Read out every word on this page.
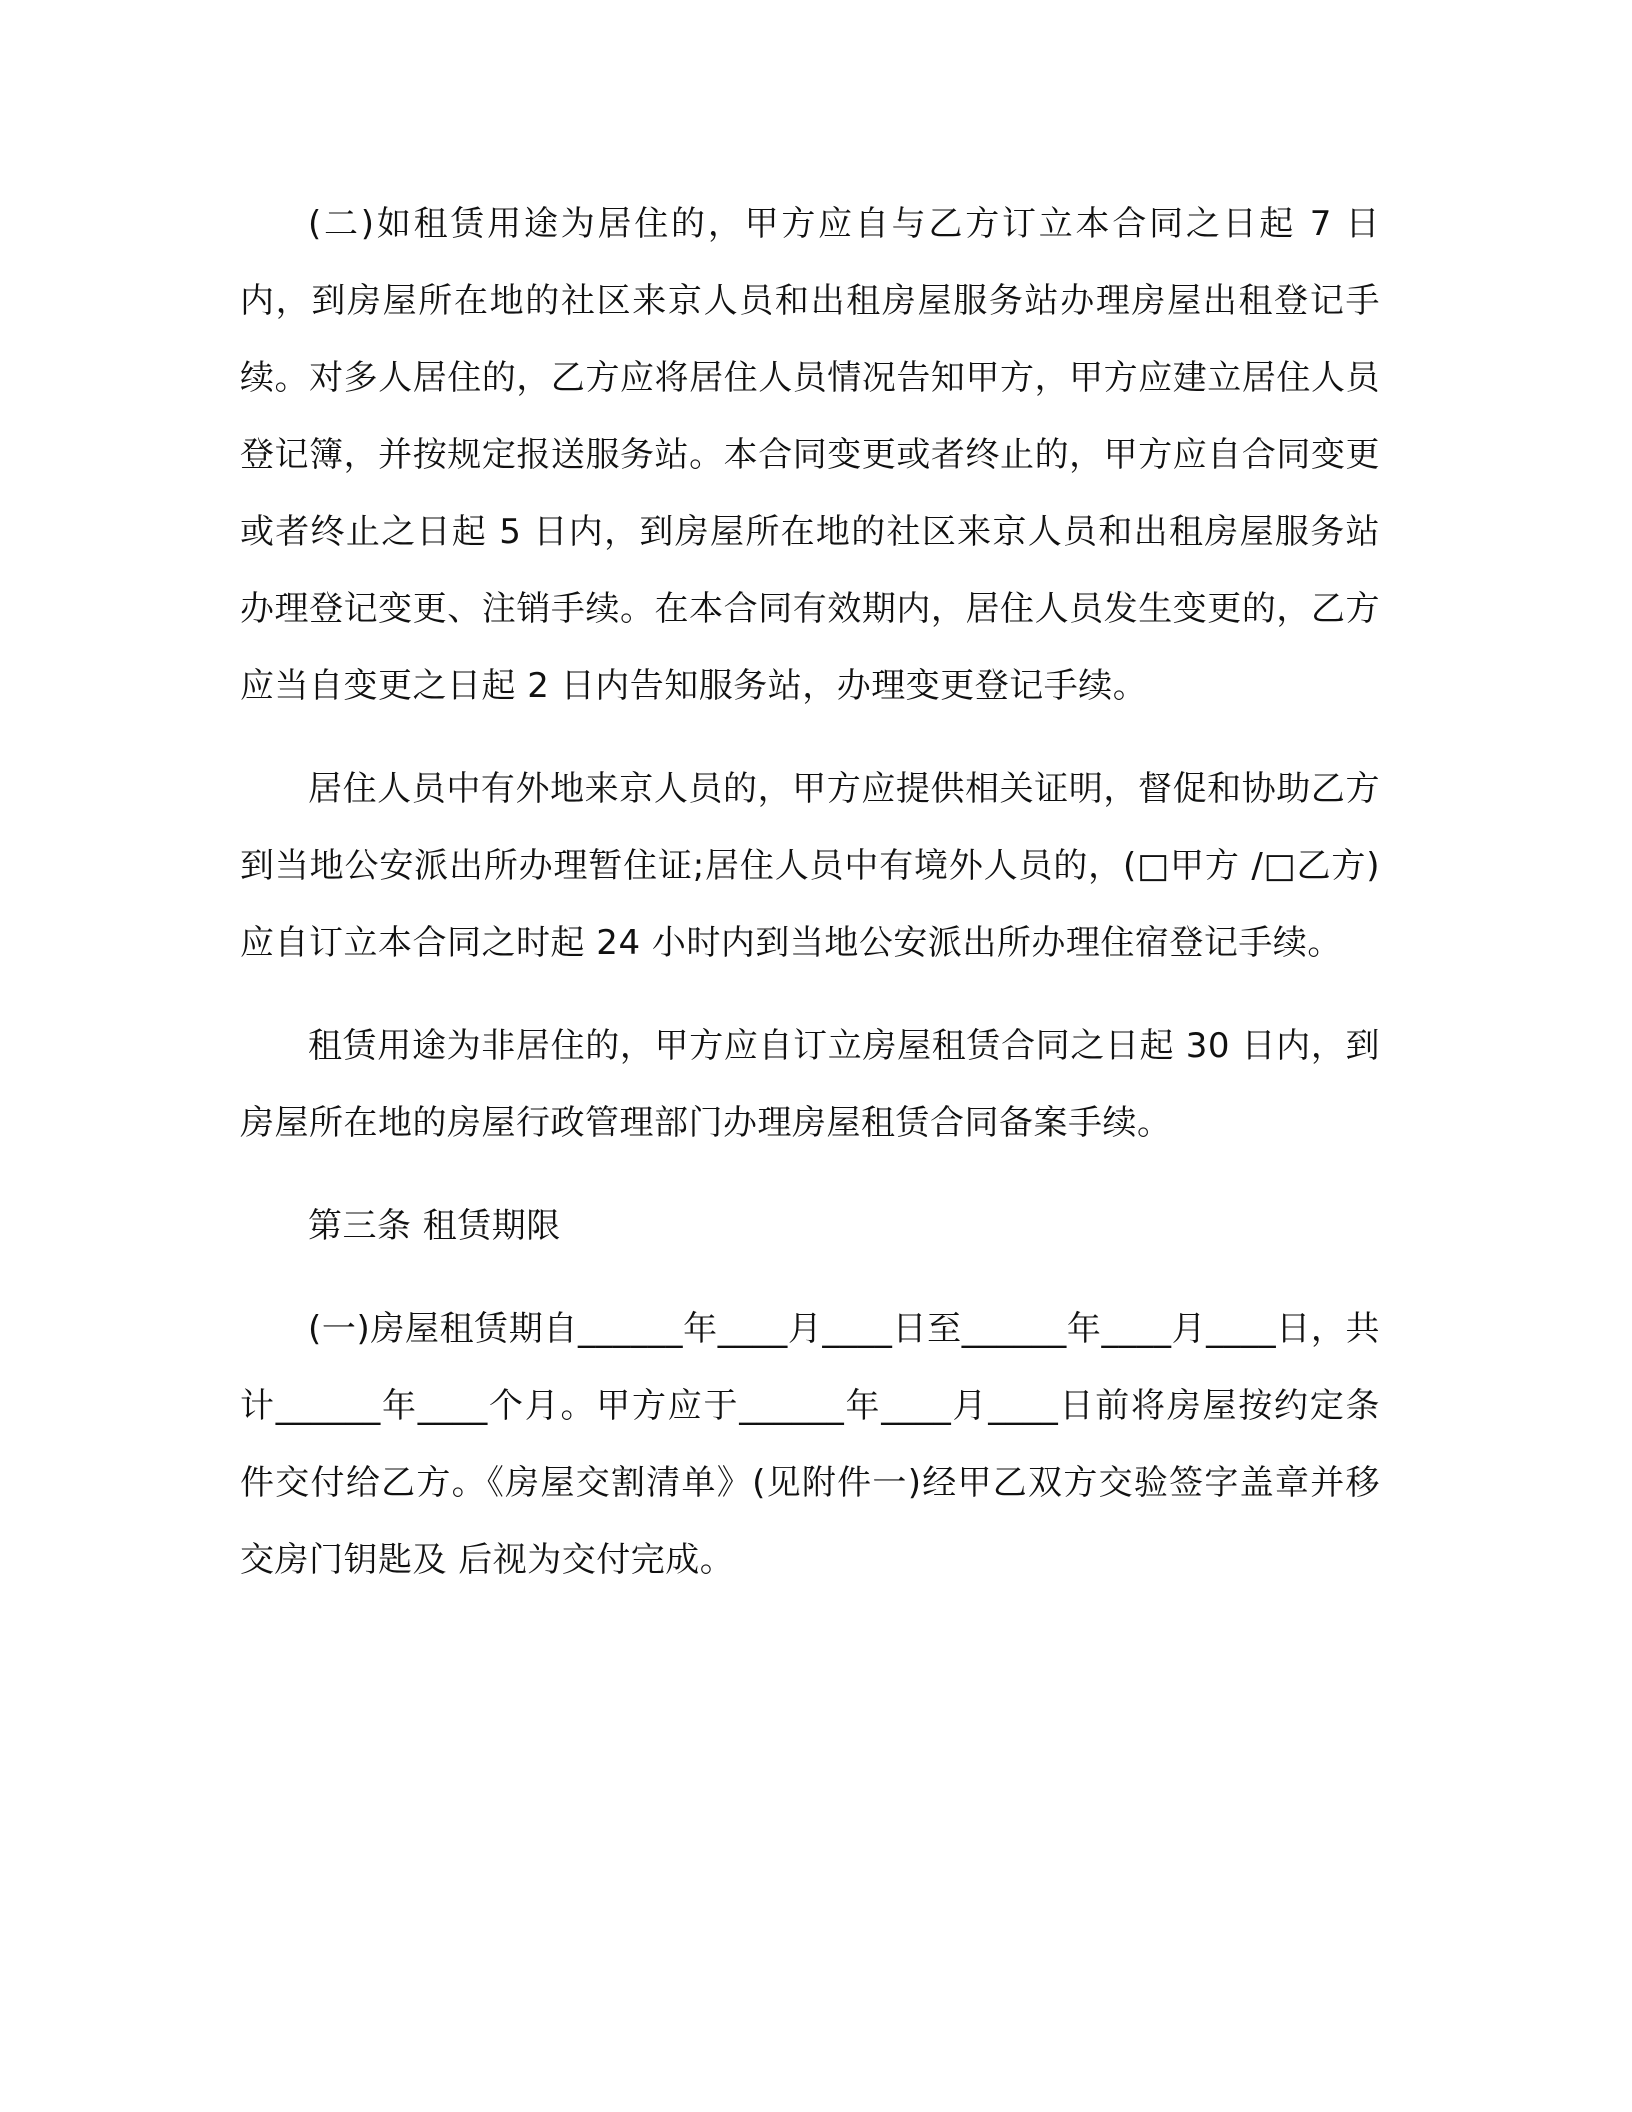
(二)如租赁用途为居住的，甲方应自与乙方订立本合同之日起 7 日内，到房屋所在地的社区来京人员和出租房屋服务站办理房屋出租登记手续。对多人居住的，乙方应将居住人员情况告知甲方，甲方应建立居住人员登记簿，并按规定报送服务站。本合同变更或者终止的，甲方应自合同变更或者终止之日起 5 日内，到房屋所在地的社区来京人员和出租房屋服务站办理登记变更、注销手续。在本合同有效期内，居住人员发生变更的，乙方应当自变更之日起 2 日内告知服务站，办理变更登记手续。

居住人员中有外地来京人员的，甲方应提供相关证明，督促和协助乙方到当地公安派出所办理暂住证;居住人员中有境外人员的，(□甲方 /□乙方)应自订立本合同之时起 24 小时内到当地公安派出所办理住宿登记手续。

租赁用途为非居住的，甲方应自订立房屋租赁合同之日起 30 日内，到房屋所在地的房屋行政管理部门办理房屋租赁合同备案手续。

第三条 租赁期限

(一)房屋租赁期自______年____月____日至______年____月____日，共计______年____个月。甲方应于______年____月____日前将房屋按约定条件交付给乙方。《房屋交割清单》(见附件一)经甲乙双方交验签字盖章并移交房门钥匙及 后视为交付完成。
